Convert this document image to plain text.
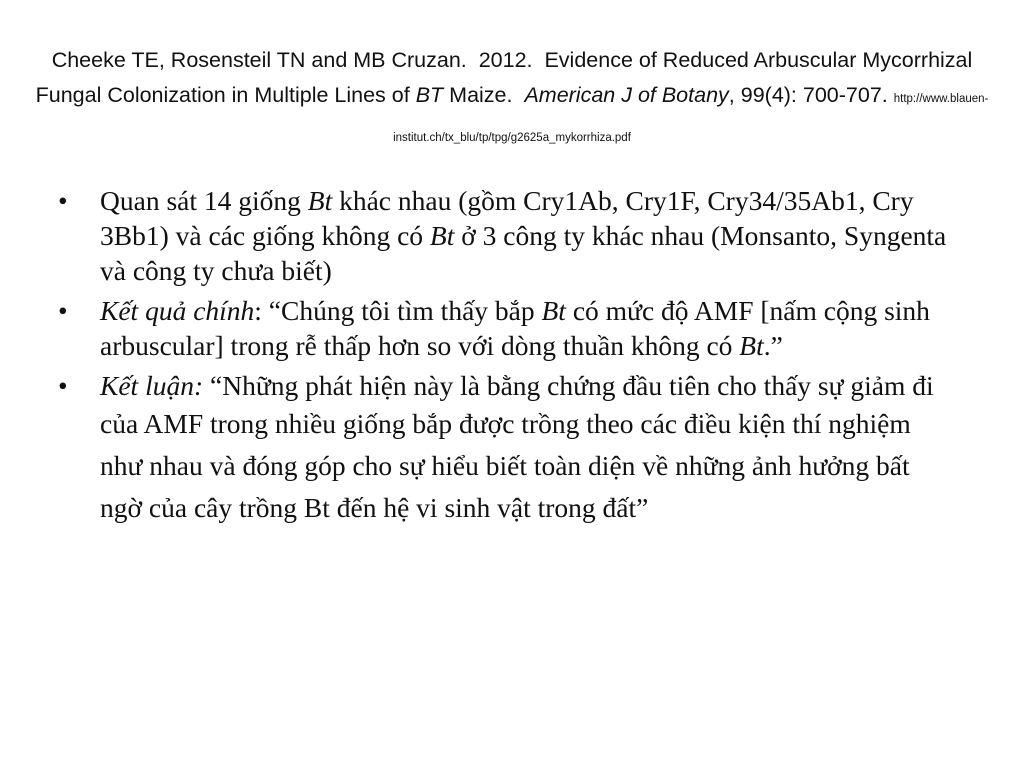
Cheeke TE, Rosensteil TN and MB Cruzan. 2012. Evidence of Reduced Arbuscular Mycorrhizal Fungal Colonization in Multiple Lines of BT Maize. American J of Botany, 99(4): 700-707. http://www.blauen-institut.ch/tx_blu/tp/tpg/g2625a_mykorrhiza.pdf
•	Quan sát 14 giống Bt khác nhau (gồm Cry1Ab, Cry1F, Cry34/35Ab1, Cry 3Bb1) và các giống không có Bt ở 3 công ty khác nhau (Monsanto, Syngenta và công ty chưa biết)
•	Kết quả chính: “Chúng tôi tìm thấy bắp Bt có mức độ AMF [nấm cộng sinh arbuscular] trong rễ thấp hơn so với dòng thuần không có Bt.”
•	Kết luận: “Những phát hiện này là bằng chứng đầu tiên cho thấy sự giảm đi của AMF trong nhiều giống bắp được trồng theo các điều kiện thí nghiệm như nhau và đóng góp cho sự hiểu biết toàn diện về những ảnh hưởng bất ngờ của cây trồng Bt đến hệ vi sinh vật trong đất”
